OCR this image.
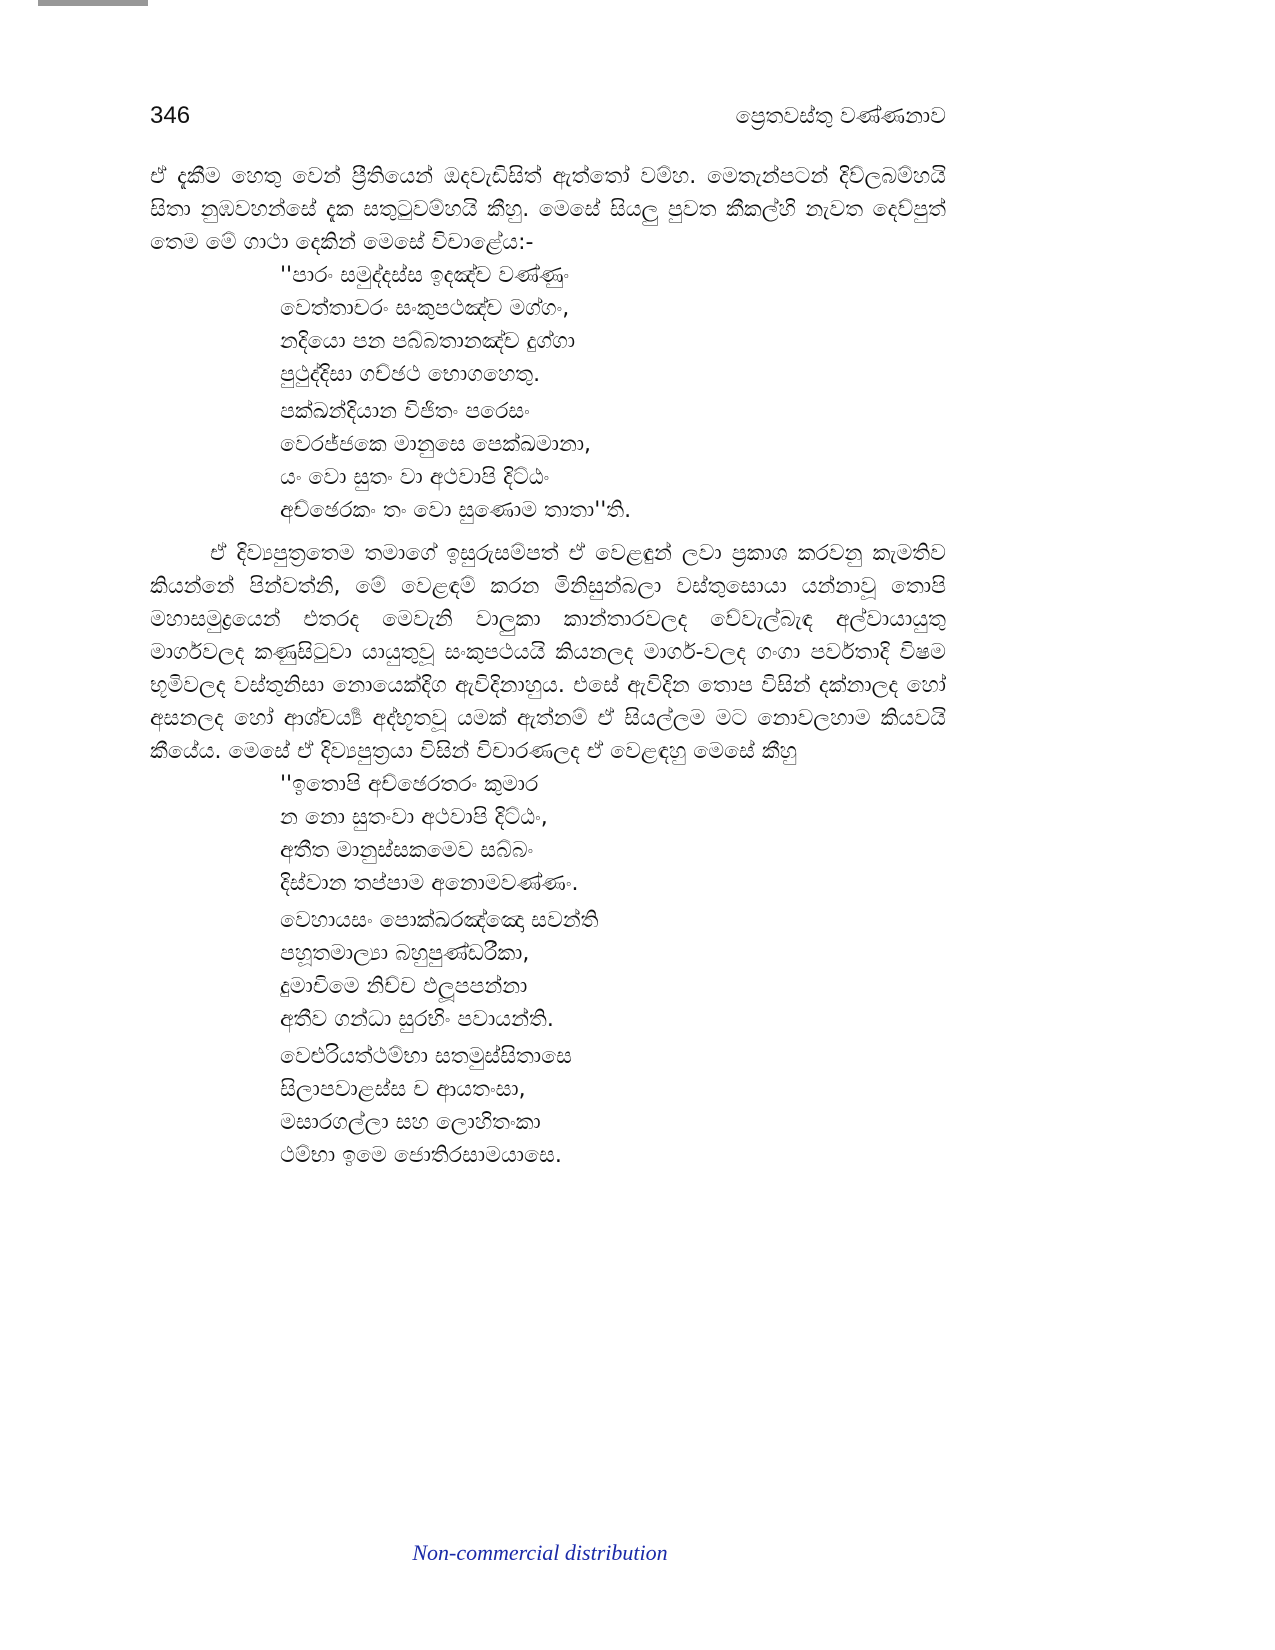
346	ප්‍රෙතවස්තු වණ්ණනාව

ඒ දැකීම හෙතු වෙන් ප්‍රීතියෙන් ඔදවැඩිසිත් ඇත්තෝ වම්හ. මෙතැන්පටන් දිව්ලබම්හයි සිතා නුඹවහන්සේ දැක සතුටුවම්හයි කීහු. මෙසේ සියලු පුවත කීකල්හි නැවත දෙව්පුත් තෙම මේ ගාථා දෙකින් මෙසේ විචාළේය:-

''පාරං සමුද්දස්ස ඉදඤ්ච වණ්ණුං
වෙත්තාචරං සංකුපථඤ්ච මග්ගං,
නදියො පන පබ්බතානඤ්ච දුග්ගා
පුථුද්දිසා ගච්ඡථ භොගහෙතු.
පක්ඛන්දියාන විජිතං පරෙසං
වෙරජ්ජකෙ මානුසෙ පෙක්ඛමානා,
යං වො සුතං වා අථවාපි දිට්ඨං
අච්ඡෙරකං තං වො සුණොම තාතා''ති.

ඒ දිව්‍යපුත්‍රතෙම තමාගේ ඉසුරුසම්පත් ඒ වෙළඳුන් ලවා ප්‍රකාශ කරවනු කැමතිව කියන්නේ පින්වත්නි, මේ වෙළඳම් කරන මිනිසුන්බලා වස්තුසොයා යන්නාවූ තොපි මහාසමුද්‍රයෙන් එතරද මෙවැනි වාලුකා කාන්තාරවලද වේවැල්බැඳ අල්වායායුතු මාර්ගවලද කණුසිටුවා යායුතුවූ සංකුපථයයි කියනලද මාර්ග-වලද ගංගා පර්වතාදි විෂම භූමිවලද වස්තුනිසා නොයෙක්දිග ඇවිදිනාහුය. එසේ ඇවිදින තොප විසින් දක්නාලද හෝ අසනලද හෝ ආශ්චර්‍ය්‍ය අද්භූතවූ යමක් ඇත්නම් ඒ සියල්ලම මට නොවලහාම කියවයි කීයේය. මෙසේ ඒ දිව්‍යපුත්‍රයා විසින් විචාරණලද ඒ වෙළඳහු මෙසේ කීහු

''ඉතොපි අච්ඡෙරතරං කුමාර
න නො සුතංවා අථවාපි දිට්ඨං,
අතීත මානුස්සකමෙව සබ්බං
දිස්වාන තප්පාම අනොමවණ්ණං.
වෙහායසං පොක්ඛරඤ්ඤො සවන්ති
පහූතමාල්‍යා බහුපුණ්ඩරීකා,
දුමාචිමෙ නිච්ච ඵලූපපන්නා
අතීව ගන්ධා සුරභිං පවායන්ති.
වෙළුරියත්ථම්භා සතමුස්සිතාසෙ
සිලාපවාළස්ස ච ආයතංසා,
මසාරගල්ලා සහ ලොහිතංකා
ථම්භා ඉමෙ ජොතිරසාමයාසෙ.
Non-commercial distribution
